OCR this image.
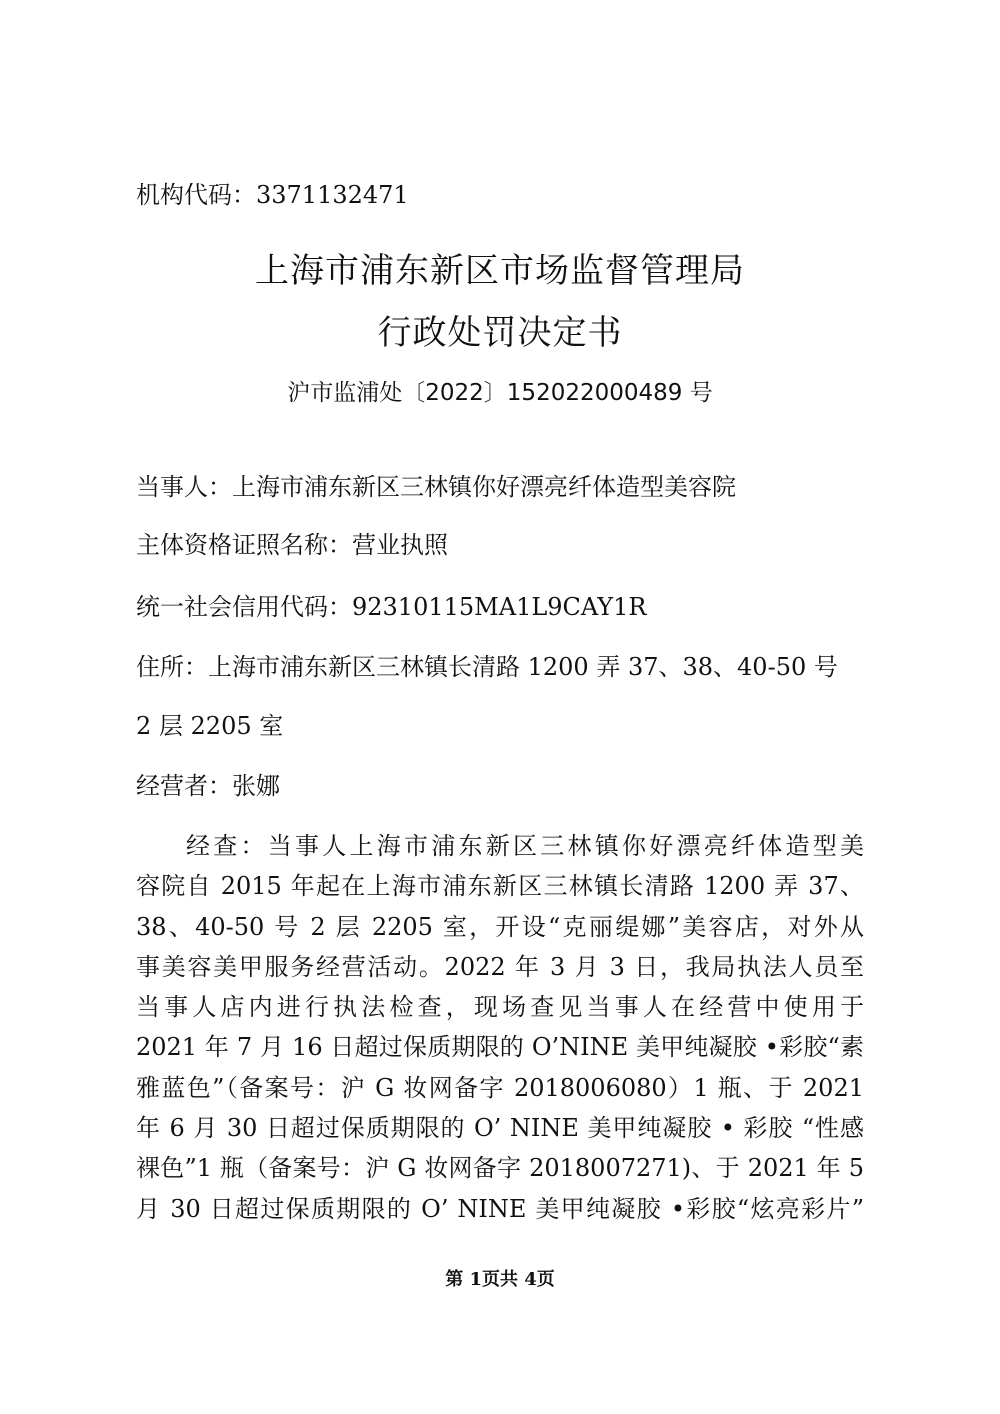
机构代码：3371132471
上海市浦东新区市场监督管理局
行政处罚决定书
沪市监浦处〔2022〕152022000489 号
当事人：上海市浦东新区三林镇你好漂亮纤体造型美容院
主体资格证照名称：营业执照
统一社会信用代码：92310115MA1L9CAY1R
住所：上海市浦东新区三林镇长清路 1200 弄 37、38、40-50 号
2 层 2205 室
经营者：张娜
经查：当事人上海市浦东新区三林镇你好漂亮纤体造型美
容院自 2015 年起在上海市浦东新区三林镇长清路 1200 弄 37、
38、40-50 号 2 层 2205 室，开设“克丽缇娜”美容店，对外从
事美容美甲服务经营活动。2022 年 3 月 3 日，我局执法人员至
当事人店内进行执法检查，现场查见当事人在经营中使用于
2021 年 7 月 16 日超过保质期限的 O’NINE 美甲纯凝胶 •彩胶“素
雅蓝色”（备案号：沪 G 妆网备字 2018006080）1 瓶、于 2021
年 6 月 30 日超过保质期限的 O’ NINE 美甲纯凝胶 • 彩胶 “性感
裸色”1 瓶（备案号：沪 G 妆网备字 2018007271)、于 2021 年 5
月 30 日超过保质期限的 O’ NINE 美甲纯凝胶 •彩胶“炫亮彩片”
第 1页共 4页
